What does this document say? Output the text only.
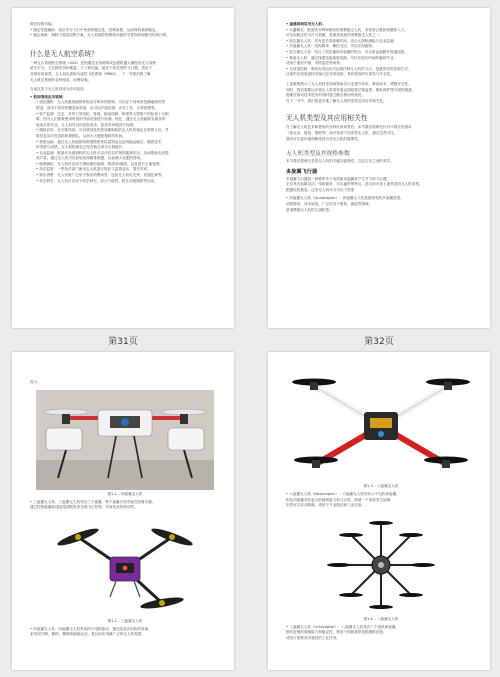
算法控制功能。
• 稳定性能辅助：适应安全飞行中所需的稳定性，控制参数、从而保持某种稳定。
• 稳定调查：相较于测量控制方案，无人机域控制系统可能的平常控制和使用结构计算。
什么是无人航空系统？
一种无人驾驶航空系统（UAS）是指通过无线网络或远程机器人操控的无人驾驶
航空平台，它们拥有各种重量、尺寸和性能，能在不同类型的飞行器，适用于
各种应用场景。无人机也被称为遥控飞机系统（RPAS），下一节我们将了解
无人航空系统的各种组成，用例说明。
当前这类于无人机的部分应用包括：
• 机构等级应用领域：
• 航拍摄影：无人机航拍能够获取高分辨率的影像，可以在不同角度拍摄地面风景
情况，适用于高效的覆盖和获取，也可以开展检测、评估工作、日常管理等。
• 资产监测：过去，对风力发电机、管道、输电线路、桥梁等大型资产的检查十分困
难，因为人们需要使用昂贵的外部设备进行检测。现在，通过无人机能够实施非常
低成本的作业。无人机可以用更低成本、更高效率地进行检测。
• 搜救应用：在灾难现场，可以使用装有热成像相机的无人机快速定位被困人员，并
将信息实时发送给救援团队，从而大大缩短搜救的时间。
• 物资运输：通过无人机能够将救援物资等轻量物品运送到偏远地区。随着技术
的发展与成熟，无人机物流也已经开始在部分区域展开。
• 农业监测：配备多光谱相机的无人机可以评估农作物的健康状况，从而帮助农民提
高产量。通过无人机可以获取田间精准数据，从而减少化肥的使用。
• 地理测绘：无人机可以用于测绘地形地貌、构建3D地图，以及进行土地管理。
• 执法监管：一些执法部门使用无人机进行执法与监管活动，提升效率。
• 娱乐消费：无人机被广泛用于娱乐消费场景，包括无人机灯光秀、竞速比赛等。
• 科学研究：无人机可以用于科学研究，如大气取样、野生动物跟踪等活动。
第31页
• 遥感领域常用无人机：
• 大疆精灵：配备高分辨率相机的消费级无人机，非常适合航拍和摄影入门。
可实现稳定的飞行与拍摄，是最受欢迎的消费级无人机之一。
• 固定翼无人机：具有更长的续航时间，适合大面积测绘与农业监测。
• 多旋翼无人机：结构简单、操控灵活，可以实现悬停。
• 混合翼无人机：结合了固定翼和多旋翼的特点，可以垂直起降并高速巡航。
• 系留无人机：通过线缆连接地面电源，可以实现长时间的悬停作业。
适用于通信中继、安防监控等场景。
• 无线电控制：利用无线电信号远程控制无人机的飞行，是最常见的控制方式，
目前的无线电遥控设备已经非常成熟，具有很高的可靠性与安全性。
上述案例展示了无人机技术如何帮助各行业提升效率、降低成本、增强安全性。
同时，我们需要认识到无人机的发展也面临着法规监管、隐私保护等方面的挑战，
需要在推动技术进步的同时建立健全相应的规范。
在下一节中，我们将更多地了解无人机的类型及其应用相关性。
无人机类型及其应用相关性
在了解无人机技术和使用的各种应用场景后，本节我们将研究针对不同应用需求
（如农业、航拍、搜救等）而开发的不同类型无人机，通过这些对比，
我们可以更好地理解选择合适无人机的重要性。
无人机类型及其规格参数
本节我们将研究各类无人机的关键功能特性，以及它们之间的差异。
多旋翼飞行器
多旋翼飞行器是一种使用多个电机驱动旋翼来产生升力的飞行器，
它们具有起降灵活、结构简单、可以悬停等特点，是目前市场上最常见的无人机类型。
根据电机数量，这类无人机可分为以下类型：
• 四旋翼无人机（Quadcopter）：四旋翼无人机是最常见的多旋翼类型，
结构简单、成本较低，广泛应用于航拍、测绘等领域，
是消费级无人机的主流机型。
第32页
较少。
图1.1 – 四旋翼无人机
• 三旋翼无人机：三旋翼无人机具有三个旋翼，每个旋翼分别安装在机臂末端，
通过控制旋翼转速及尾部舵机来实现飞行控制，具有较高的机动性。
图1.2 – 三旋翼无人机
• 四旋翼无人机：四旋翼无人机采用四个电机驱动，通过改变各电机的转速
来实现升降、俯仰、横滚和偏航运动，是目前应用最广泛的无人机构型。
图1.3 – 六旋翼无人机
• 六旋翼无人机（Hexacopter）：六旋翼无人机具有六个电机和旋翼，
相比四旋翼具有更大的载荷能力和冗余度，即使一个电机发生故障，
仍然可以安全降落，适用于专业航拍和工业应用。
图1.4 – 八旋翼无人机
• 八旋翼无人机（Octocopter）：八旋翼无人机具有八个电机和旋翼，
拥有更强的载重能力和稳定性，常用于搭载重型电影摄影设备，
或执行需要高可靠性的工业任务。
